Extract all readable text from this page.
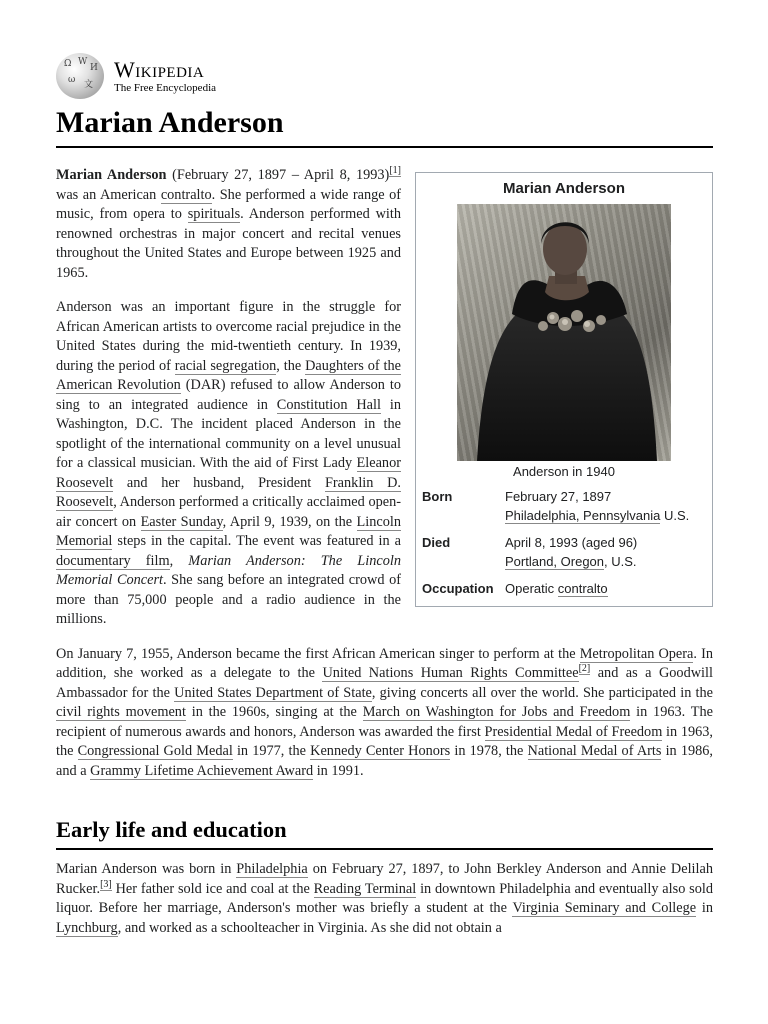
Ω W
И
ω 文
Wikipedia
The Free Encyclopedia
Marian Anderson
Marian Anderson
Anderson in 1940
Born	February 27, 1897
Philadelphia, Pennsylvania U.S.
Died	April 8, 1993 (aged 96)
Portland, Oregon, U.S.
Occupation Operatic contralto

Marian Anderson (February 27, 1897 – April 8, 1993)[1] was an American contralto. She performed a wide range of music, from opera to spirituals. Anderson performed with renowned orchestras in major concert and recital venues throughout the United States and Europe between 1925 and 1965.

Anderson was an important figure in the struggle for African American artists to overcome racial prejudice in the United States during the mid-twentieth century. In 1939, during the period of racial segregation, the Daughters of the American Revolution (DAR) refused to allow Anderson to sing to an integrated audience in Constitution Hall in Washington, D.C. The incident placed Anderson in the spotlight of the international community on a level unusual for a classical musician. With the aid of First Lady Eleanor Roosevelt and her husband, President Franklin D. Roosevelt, Anderson performed a critically acclaimed open-air concert on Easter Sunday, April 9, 1939, on the Lincoln Memorial steps in the capital. The event was featured in a documentary film, Marian Anderson: The Lincoln Memorial Concert. She sang before an integrated crowd of more than 75,000 people and a radio audience in the millions.

On January 7, 1955, Anderson became the first African American singer to perform at the Metropolitan Opera. In addition, she worked as a delegate to the United Nations Human Rights Committee[2] and as a Goodwill Ambassador for the United States Department of State, giving concerts all over the world. She participated in the civil rights movement in the 1960s, singing at the March on Washington for Jobs and Freedom in 1963. The recipient of numerous awards and honors, Anderson was awarded the first Presidential Medal of Freedom in 1963, the Congressional Gold Medal in 1977, the Kennedy Center Honors in 1978, the National Medal of Arts in 1986, and a Grammy Lifetime Achievement Award in 1991.

Early life and education

Marian Anderson was born in Philadelphia on February 27, 1897, to John Berkley Anderson and Annie Delilah Rucker.[3] Her father sold ice and coal at the Reading Terminal in downtown Philadelphia and eventually also sold liquor. Before her marriage, Anderson's mother was briefly a student at the Virginia Seminary and College in Lynchburg, and worked as a schoolteacher in Virginia. As she did not obtain a
